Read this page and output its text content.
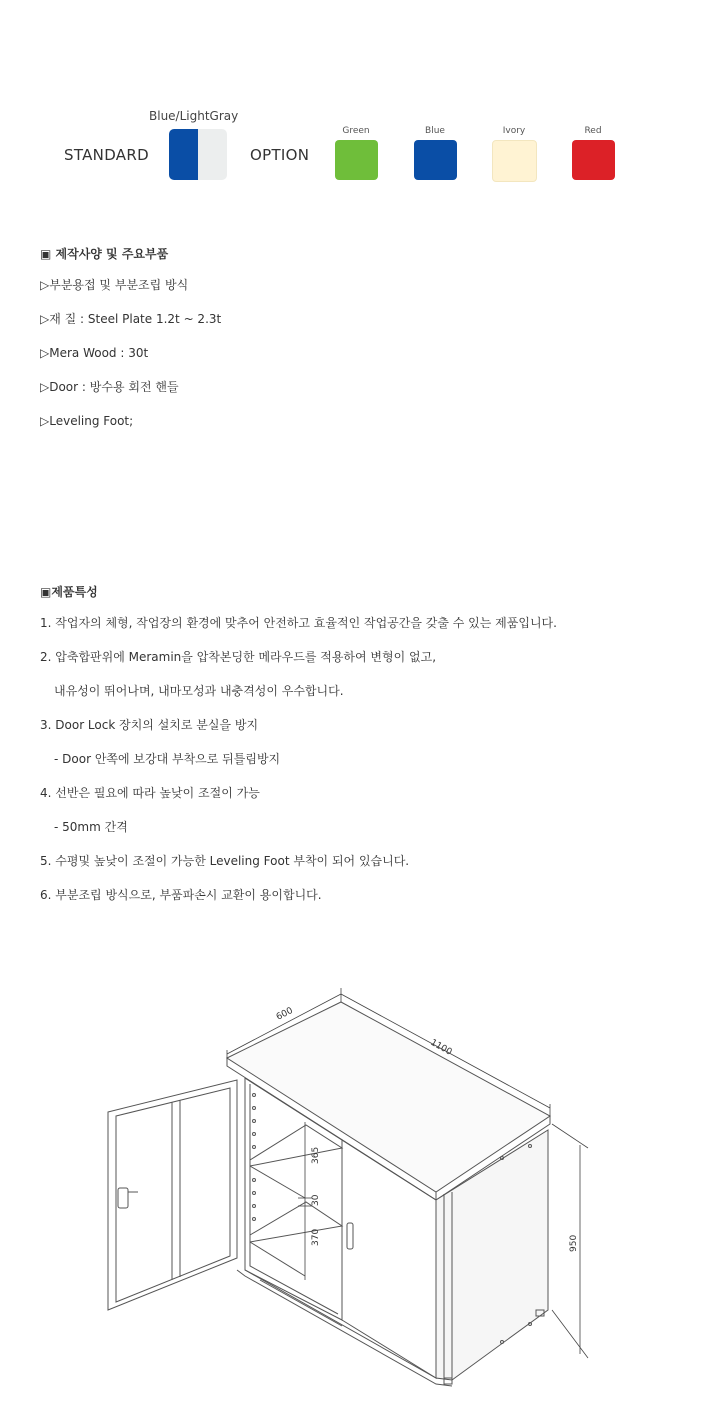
STANDARD
Blue/LightGray
OPTION
Green	Blue	Ivory	Red
▣ 제작사양 및 주요부품
▷부분용접 및 부분조립 방식
▷재 질 : Steel Plate 1.2t ~ 2.3t
▷Mera Wood : 30t
▷Door : 방수용 회전 핸들
▷Leveling Foot;
▣제품특성
1. 작업자의 체형, 작업장의 환경에 맞추어 안전하고 효율적인 작업공간을 갖출 수 있는 제품입니다.
2. 압축합판위에 Meramin을 압착본딩한 메라우드를 적용하여 변형이 없고,
내유성이 뛰어나며, 내마모성과 내충격성이 우수합니다.
3. Door Lock 장치의 설치로 분실을 방지
- Door 안쪽에 보강대 부착으로 뒤틀림방지
4. 선반은 필요에 따라 높낮이 조절이 가능
- 50mm 간격
5. 수평및 높낮이 조절이 가능한 Leveling Foot 부착이 되어 있습니다.
6. 부분조립 방식으로, 부품파손시 교환이 용이합니다.
600
1100
950
365
30
370
